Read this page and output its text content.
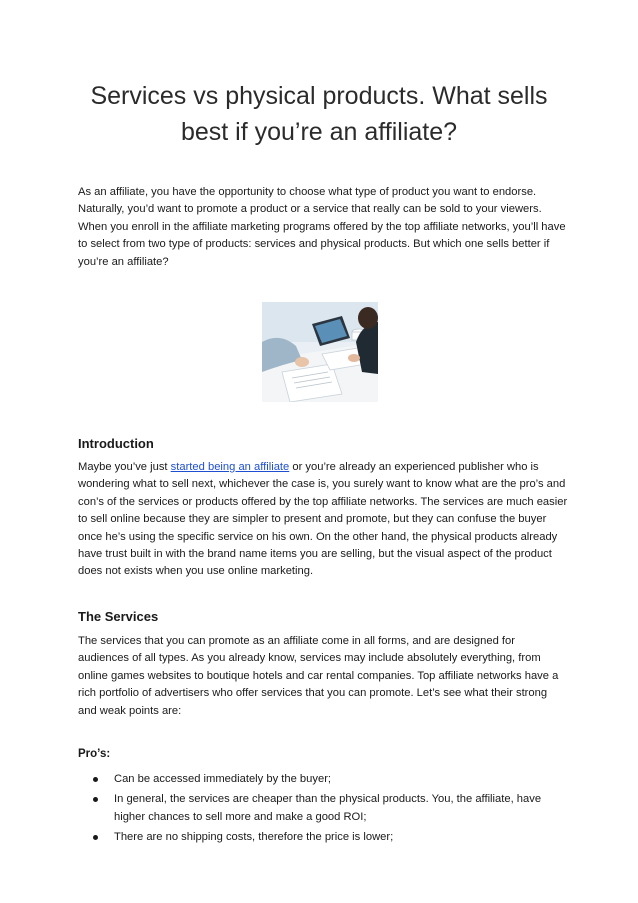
Services vs physical products. What sells
best if you’re an affiliate?

As an affiliate, you have the opportunity to choose what type of product you want to endorse. Naturally, you’d want to promote a product or a service that really can be sold to your viewers. When you enroll in the affiliate marketing programs offered by the top affiliate networks, you’ll have to select from two type of products: services and physical products. But which one sells better if you’re an affiliate?

Introduction

Maybe you’ve just started being an affiliate or you’re already an experienced publisher who is wondering what to sell next, whichever the case is, you surely want to know what are the pro’s and con’s of the services or products offered by the top affiliate networks. The services are much easier to sell online because they are simpler to present and promote, but they can confuse the buyer once he’s using the specific service on his own. On the other hand, the physical products already have trust built in with the brand name items you are selling, but the visual aspect of the product does not exists when you use online marketing.

The Services

The services that you can promote as an affiliate come in all forms, and are designed for audiences of all types. As you already know, services may include absolutely everything, from online games websites to boutique hotels and car rental companies. Top affiliate networks have a rich portfolio of advertisers who offer services that you can promote. Let’s see what their strong and weak points are:

Pro’s:
Can be accessed immediately by the buyer;
In general, the services are cheaper than the physical products. You, the affiliate, have higher chances to sell more and make a good ROI;
There are no shipping costs, therefore the price is lower;
